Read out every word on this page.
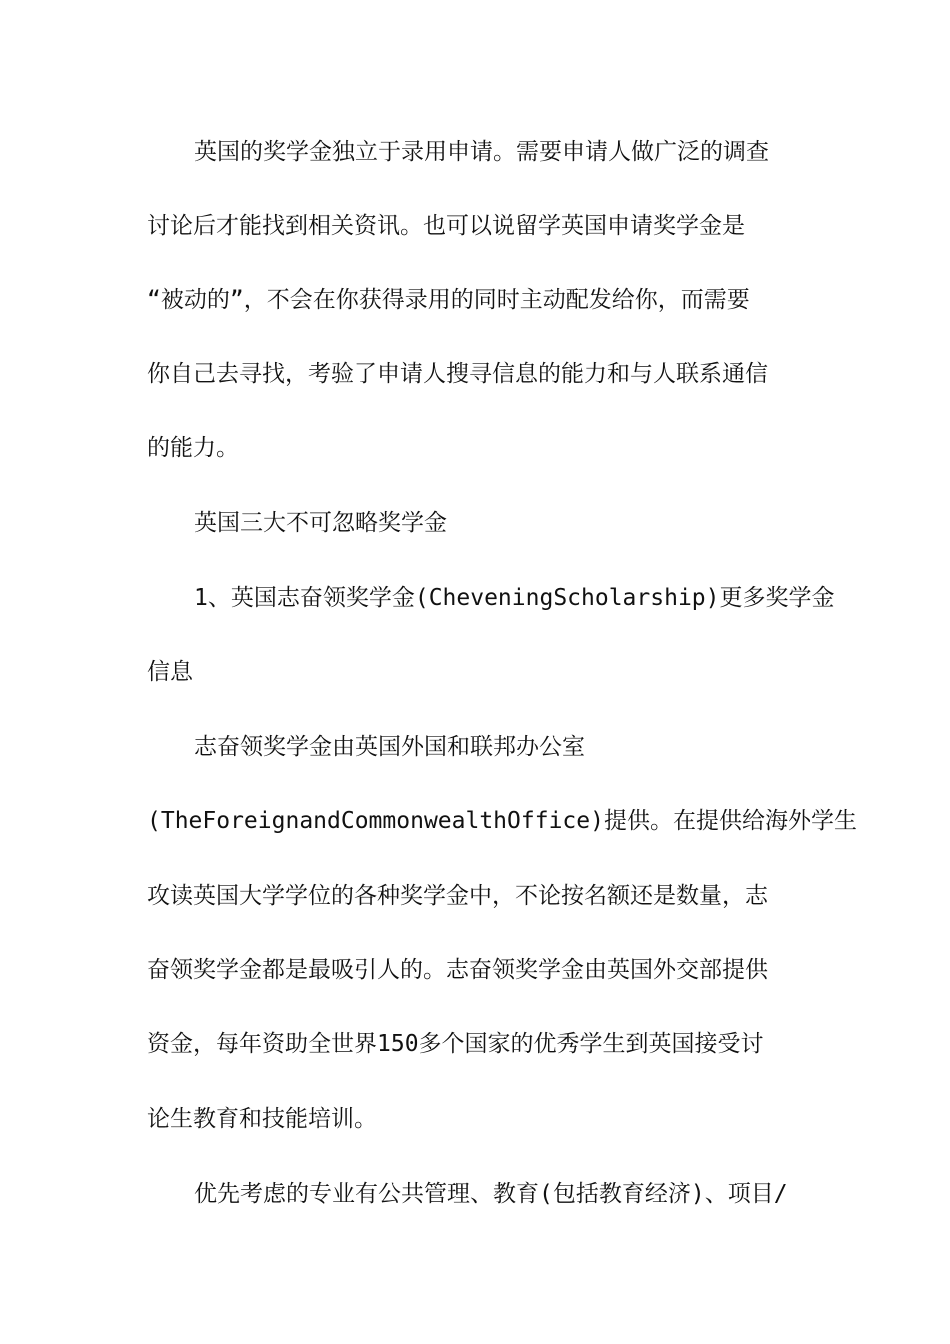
英国的奖学金独立于录用申请。需要申请人做广泛的调查
讨论后才能找到相关资讯。也可以说留学英国申请奖学金是
“被动的”，不会在你获得录用的同时主动配发给你，而需要
你自己去寻找，考验了申请人搜寻信息的能力和与人联系通信
的能力。
英国三大不可忽略奖学金
1、英国志奋领奖学金(CheveningScholarship)更多奖学金
信息
志奋领奖学金由英国外国和联邦办公室
(TheForeignandCommonwealthOffice)提供。在提供给海外学生
攻读英国大学学位的各种奖学金中，不论按名额还是数量，志
奋领奖学金都是最吸引人的。志奋领奖学金由英国外交部提供
资金，每年资助全世界150多个国家的优秀学生到英国接受讨
论生教育和技能培训。
优先考虑的专业有公共管理、教育(包括教育经济)、项目/
